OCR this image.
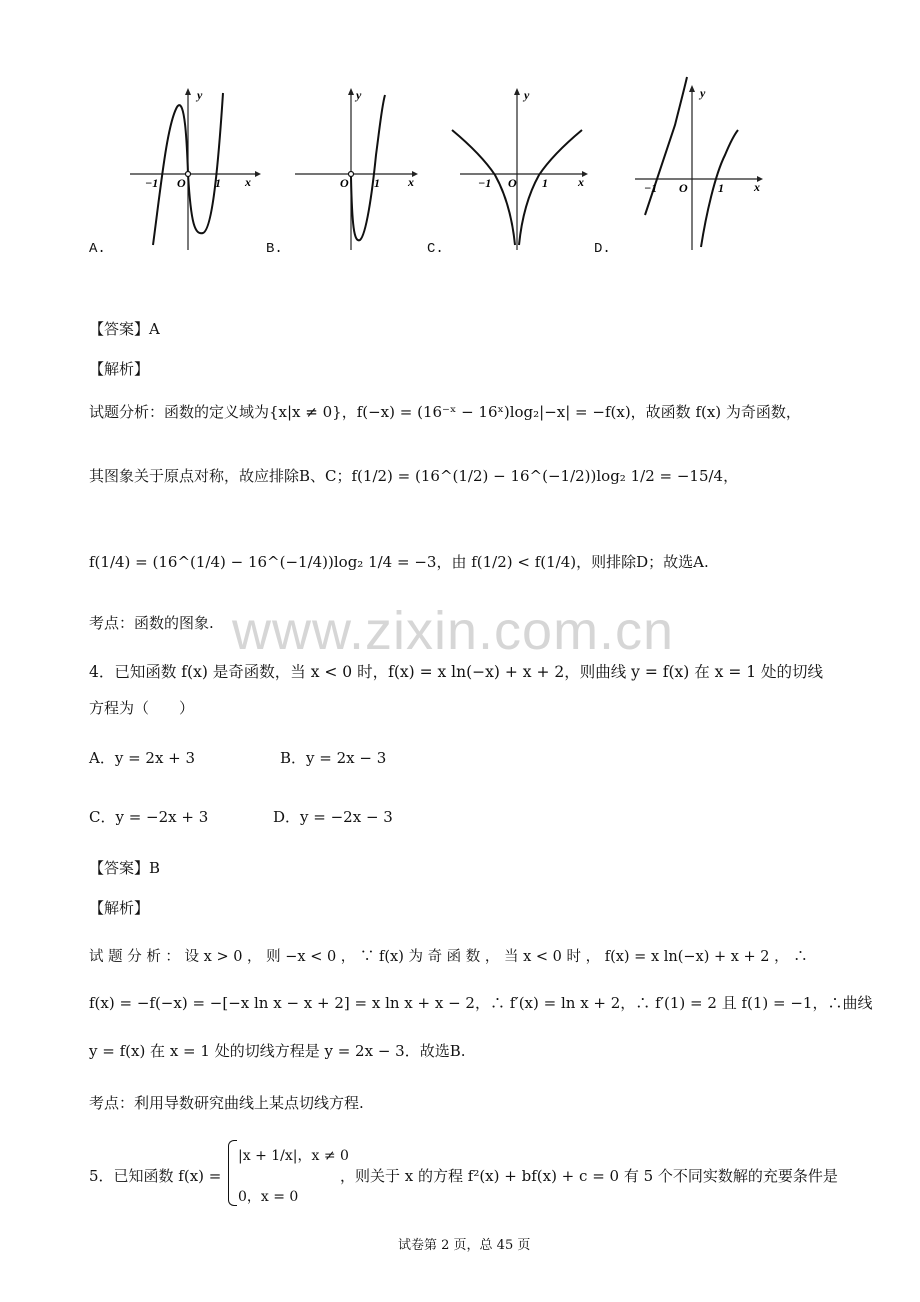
y
x
O
−1	1
A.
y
x
O 1
B.
y
x
O
−1	1
C.
y
x
O
−1	1
D.
【答案】A
【解析】
试题分析：函数的定义域为{x|x ≠ 0}，f(−x) = (16⁻ˣ − 16ˣ)log₂|−x| = −f(x)，故函数 f(x) 为奇函数，
其图象关于原点对称，故应排除B、C；f(1/2) = (16^(1/2) − 16^(−1/2))log₂ 1/2 = −15/4，
f(1/4) = (16^(1/4) − 16^(−1/4))log₂ 1/4 = −3，由 f(1/2) < f(1/4)，则排除D；故选A.
考点：函数的图象. www.zixin.com.cn
4．已知函数 f(x) 是奇函数，当 x < 0 时，f(x) = x ln(−x) + x + 2，则曲线 y = f(x) 在 x = 1 处的切线
方程为（　　）
A．y = 2x + 3	B．y = 2x − 3
C．y = −2x + 3	D．y = −2x − 3
【答案】B
【解析】
试 题 分 析 ： 设 x > 0 ， 则 −x < 0 ， ∵ f(x) 为 奇 函 数 ， 当 x < 0 时 ， f(x) = x ln(−x) + x + 2 ， ∴
f(x) = −f(−x) = −[−x ln x − x + 2] = x ln x + x − 2，∴ f′(x) = ln x + 2，∴ f′(1) = 2 且 f(1) = −1，∴曲线
y = f(x) 在 x = 1 处的切线方程是 y = 2x − 3．故选B.
考点：利用导数研究曲线上某点切线方程.
5．已知函数 f(x) =
|x + 1/x|，x ≠ 0
0，x = 0
，则关于 x 的方程 f²(x) + bf(x) + c = 0 有 5 个不同实数解的充要条件是
试卷第 2 页，总 45 页
